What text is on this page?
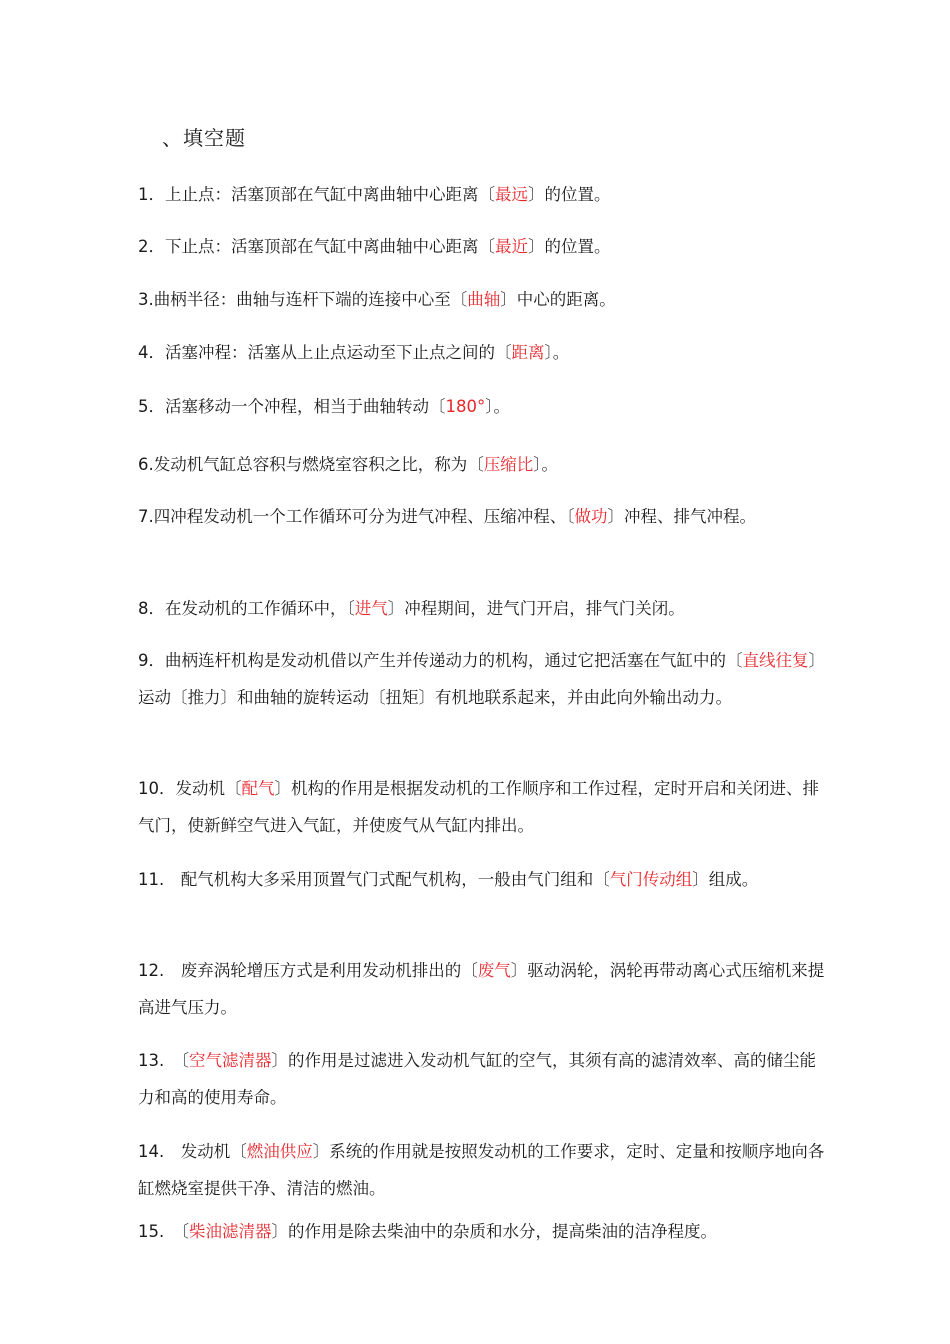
、填空题
1．上止点：活塞顶部在气缸中离曲轴中心距离〔最远〕的位置。
2．下止点：活塞顶部在气缸中离曲轴中心距离〔最近〕的位置。
3.曲柄半径：曲轴与连杆下端的连接中心至〔曲轴〕中心的距离。
4．活塞冲程：活塞从上止点运动至下止点之间的〔距离〕。
5．活塞移动一个冲程，相当于曲轴转动〔180°〕。
6.发动机气缸总容积与燃烧室容积之比，称为〔压缩比〕。
7.四冲程发动机一个工作循环可分为进气冲程、压缩冲程、〔做功〕冲程、排气冲程。
8．在发动机的工作循环中，〔进气〕冲程期间，进气门开启，排气门关闭。
9．曲柄连杆机构是发动机借以产生并传递动力的机构，通过它把活塞在气缸中的〔直线往复〕运动〔推力〕和曲轴的旋转运动〔扭矩〕有机地联系起来，并由此向外输出动力。
10．发动机〔配气〕机构的作用是根据发动机的工作顺序和工作过程，定时开启和关闭进、排气门，使新鲜空气进入气缸，并使废气从气缸内排出。
11.　配气机构大多采用顶置气门式配气机构，一般由气门组和〔气门传动组〕组成。
12.　废弃涡轮增压方式是利用发动机排出的〔废气〕驱动涡轮，涡轮再带动离心式压缩机来提高进气压力。
13.　〔空气滤清器〕的作用是过滤进入发动机气缸的空气，其须有高的滤清效率、高的储尘能力和高的使用寿命。
14.　发动机〔燃油供应〕系统的作用就是按照发动机的工作要求，定时、定量和按顺序地向各缸燃烧室提供干净、清洁的燃油。
15.　〔柴油滤清器〕的作用是除去柴油中的杂质和水分，提高柴油的洁净程度。
